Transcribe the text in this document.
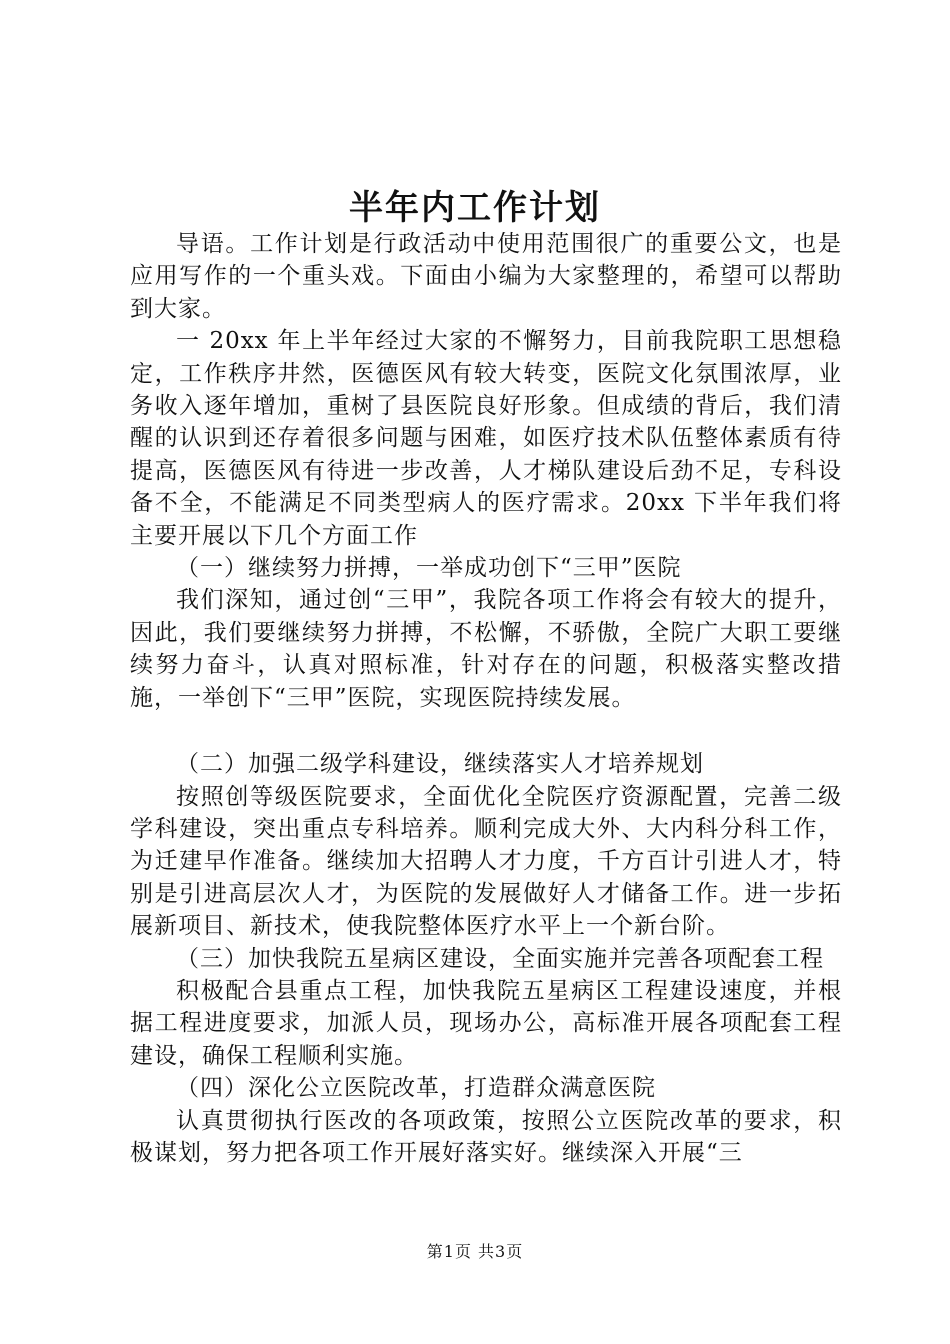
半年内工作计划

导语。工作计划是行政活动中使用范围很广的重要公文，也是应用写作的一个重头戏。下面由小编为大家整理的，希望可以帮助到大家。

一 20xx 年上半年经过大家的不懈努力，目前我院职工思想稳定，工作秩序井然，医德医风有较大转变，医院文化氛围浓厚，业务收入逐年增加，重树了县医院良好形象。但成绩的背后，我们清醒的认识到还存着很多问题与困难，如医疗技术队伍整体素质有待提高，医德医风有待进一步改善，人才梯队建设后劲不足，专科设备不全，不能满足不同类型病人的医疗需求。20xx 下半年我们将主要开展以下几个方面工作

（一）继续努力拼搏，一举成功创下“三甲”医院

我们深知，通过创“三甲”，我院各项工作将会有较大的提升，因此，我们要继续努力拼搏，不松懈，不骄傲，全院广大职工要继续努力奋斗，认真对照标准，针对存在的问题，积极落实整改措施，一举创下“三甲”医院，实现医院持续发展。

（二）加强二级学科建设，继续落实人才培养规划

按照创等级医院要求，全面优化全院医疗资源配置，完善二级学科建设，突出重点专科培养。顺利完成大外、大内科分科工作，为迁建早作准备。继续加大招聘人才力度，千方百计引进人才，特别是引进高层次人才，为医院的发展做好人才储备工作。进一步拓展新项目、新技术，使我院整体医疗水平上一个新台阶。

（三）加快我院五星病区建设，全面实施并完善各项配套工程

积极配合县重点工程，加快我院五星病区工程建设速度，并根据工程进度要求，加派人员，现场办公，高标准开展各项配套工程建设，确保工程顺利实施。

（四）深化公立医院改革，打造群众满意医院

认真贯彻执行医改的各项政策，按照公立医院改革的要求，积极谋划，努力把各项工作开展好落实好。继续深入开展“三

第1页 共3页
